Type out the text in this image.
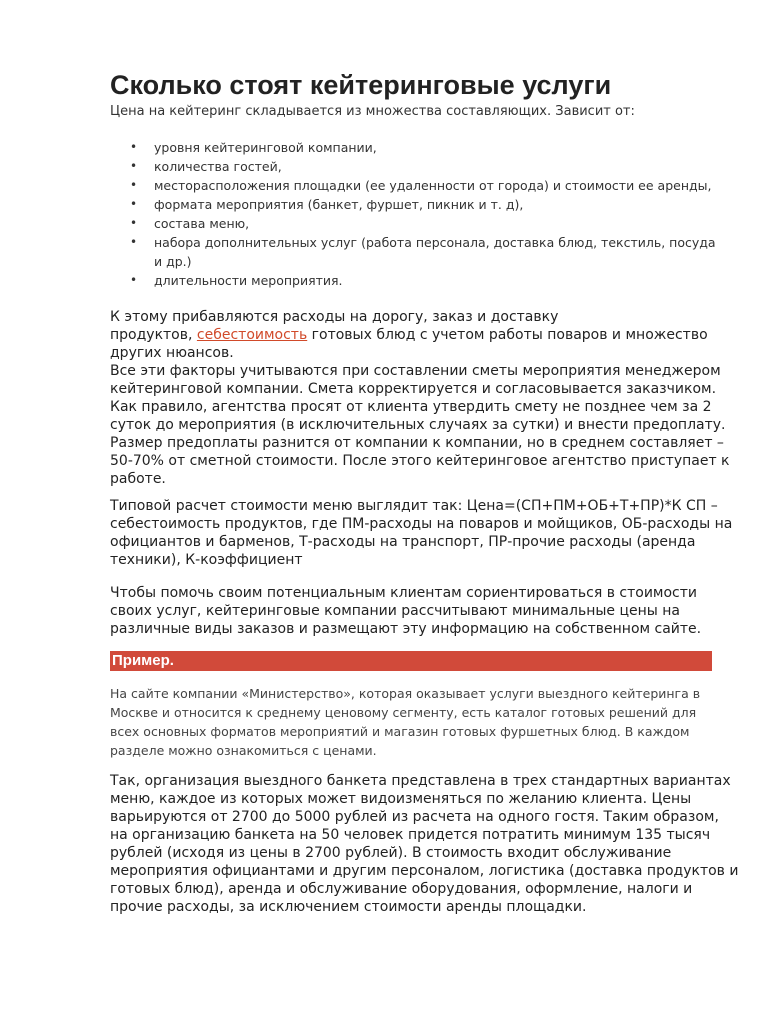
Сколько стоят кейтеринговые услуги
Цена на кейтеринг складывается из множества составляющих. Зависит от:
• уровня кейтеринговой компании,
• количества гостей,
• месторасположения площадки (ее удаленности от города) и стоимости ее аренды,
• формата мероприятия (банкет, фуршет, пикник и т. д),
• состава меню,
• набора дополнительных услуг (работа персонала, доставка блюд, текстиль, посуда
и др.)
• длительности мероприятия.
К этому прибавляются расходы на дорогу, заказ и доставку
продуктов, себестоимость готовых блюд с учетом работы поваров и множество
других нюансов.
Все эти факторы учитываются при составлении сметы мероприятия менеджером
кейтеринговой компании. Смета корректируется и согласовывается заказчиком.
Как правило, агентства просят от клиента утвердить смету не позднее чем за 2
суток до мероприятия (в исключительных случаях за сутки) и внести предоплату.
Размер предоплаты разнится от компании к компании, но в среднем составляет –
50-70% от сметной стоимости. После этого кейтеринговое агентство приступает к
работе.
Типовой расчет стоимости меню выглядит так: Цена=(СП+ПМ+ОБ+Т+ПР)*К СП –
себестоимость продуктов, где ПМ-расходы на поваров и мойщиков, ОБ-расходы на
официантов и барменов, Т-расходы на транспорт, ПР-прочие расходы (аренда
техники), К-коэффициент
Чтобы помочь своим потенциальным клиентам сориентироваться в стоимости
своих услуг, кейтеринговые компании рассчитывают минимальные цены на
различные виды заказов и размещают эту информацию на собственном сайте.
Пример.
На сайте компании «Министерство», которая оказывает услуги выездного кейтеринга в
Москве и относится к среднему ценовому сегменту, есть каталог готовых решений для
всех основных форматов мероприятий и магазин готовых фуршетных блюд. В каждом
разделе можно ознакомиться с ценами.
Так, организация выездного банкета представлена в трех стандартных вариантах
меню, каждое из которых может видоизменяться по желанию клиента. Цены
варьируются от 2700 до 5000 рублей из расчета на одного гостя. Таким образом,
на организацию банкета на 50 человек придется потратить минимум 135 тысяч
рублей (исходя из цены в 2700 рублей). В стоимость входит обслуживание
мероприятия официантами и другим персоналом, логистика (доставка продуктов и
готовых блюд), аренда и обслуживание оборудования, оформление, налоги и
прочие расходы, за исключением стоимости аренды площадки.
